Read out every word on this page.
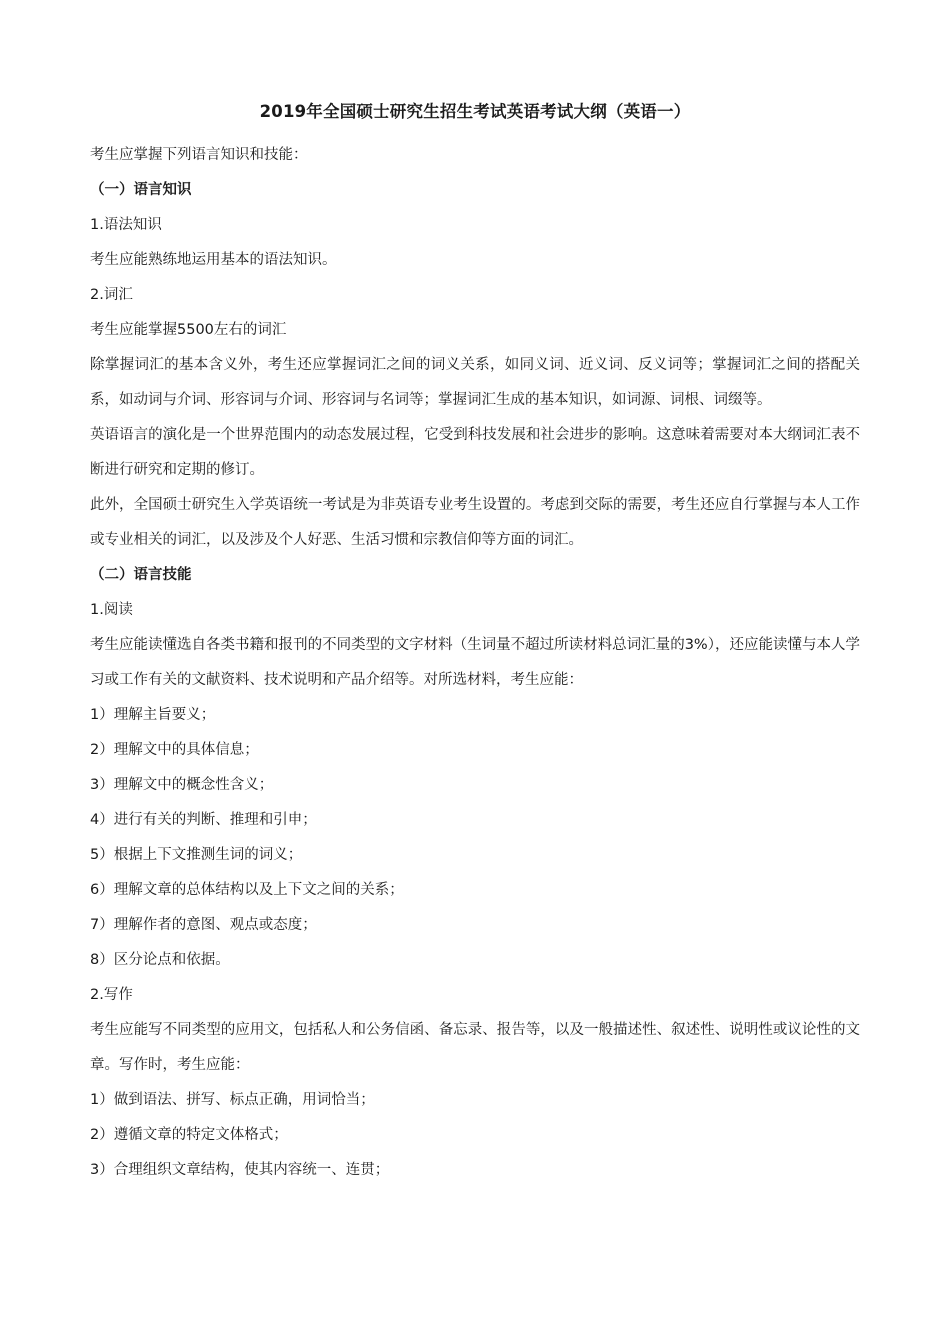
2019年全国硕士研究生招生考试英语考试大纲（英语一）

考生应掌握下列语言知识和技能：

（一）语言知识

1.语法知识

考生应能熟练地运用基本的语法知识。

2.词汇

考生应能掌握5500左右的词汇

除掌握词汇的基本含义外，考生还应掌握词汇之间的词义关系，如同义词、近义词、反义词等；掌握词汇之间的搭配关系，如动词与介词、形容词与介词、形容词与名词等；掌握词汇生成的基本知识，如词源、词根、词缀等。

英语语言的演化是一个世界范围内的动态发展过程，它受到科技发展和社会进步的影响。这意味着需要对本大纲词汇表不断进行研究和定期的修订。

此外，全国硕士研究生入学英语统一考试是为非英语专业考生设置的。考虑到交际的需要，考生还应自行掌握与本人工作或专业相关的词汇，以及涉及个人好恶、生活习惯和宗教信仰等方面的词汇。

（二）语言技能

1.阅读

考生应能读懂选自各类书籍和报刊的不同类型的文字材料（生词量不超过所读材料总词汇量的3%），还应能读懂与本人学习或工作有关的文献资料、技术说明和产品介绍等。对所选材料，考生应能：

1）理解主旨要义；

2）理解文中的具体信息；

3）理解文中的概念性含义；

4）进行有关的判断、推理和引申；

5）根据上下文推测生词的词义；

6）理解文章的总体结构以及上下文之间的关系；

7）理解作者的意图、观点或态度；

8）区分论点和依据。

2.写作

考生应能写不同类型的应用文，包括私人和公务信函、备忘录、报告等，以及一般描述性、叙述性、说明性或议论性的文章。写作时，考生应能：

1）做到语法、拼写、标点正确，用词恰当；

2）遵循文章的特定文体格式；

3）合理组织文章结构，使其内容统一、连贯；
